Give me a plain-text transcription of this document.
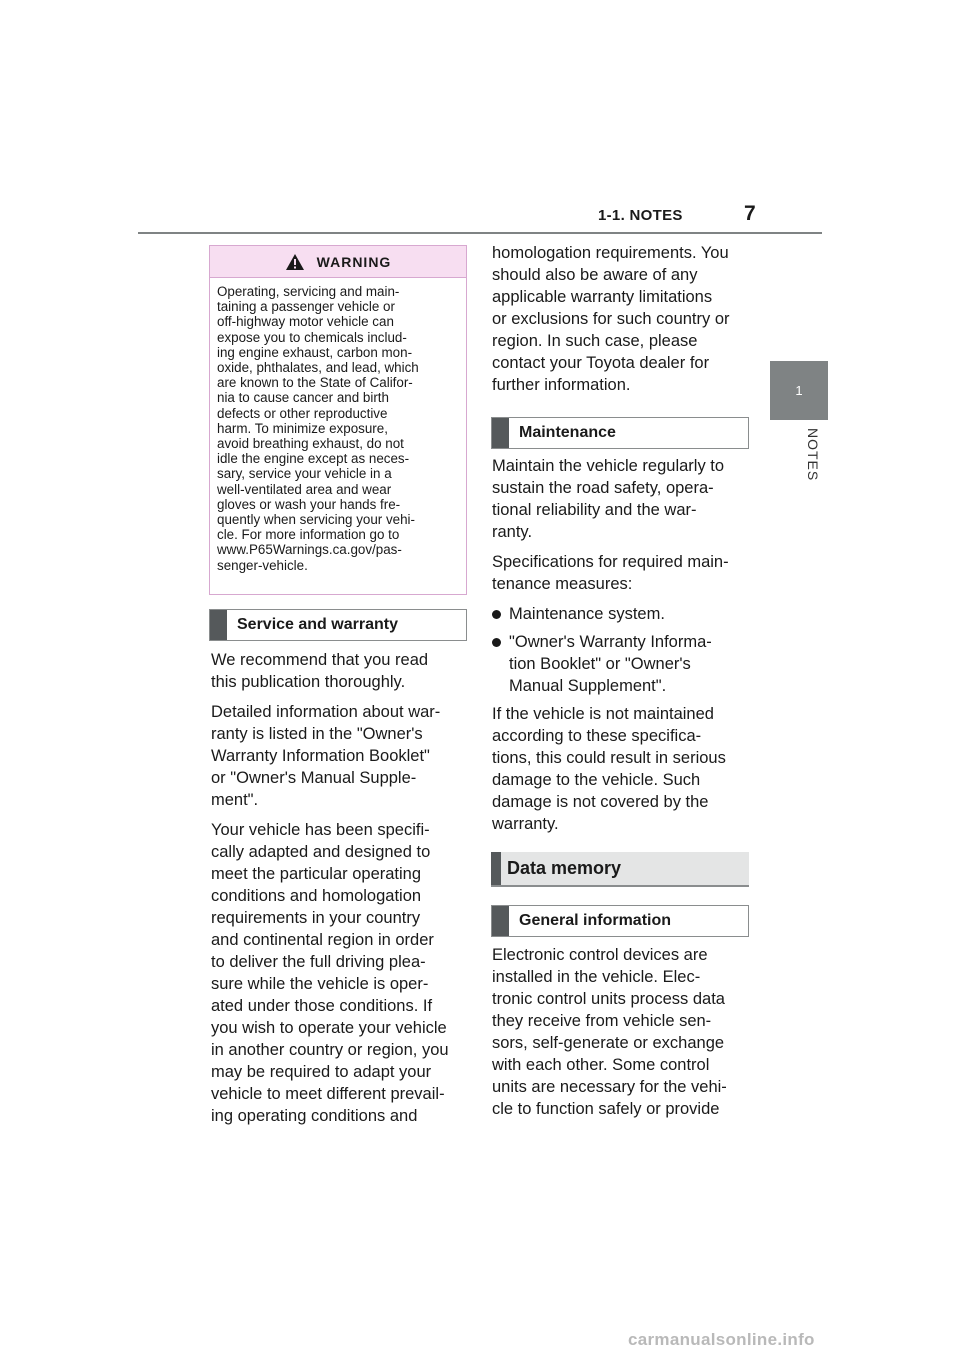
1-1. NOTES	7
1
NOTES
WARNING
Operating, servicing and main-
taining a passenger vehicle or
off-highway motor vehicle can
expose you to chemicals includ-
ing engine exhaust, carbon mon-
oxide, phthalates, and lead, which
are known to the State of Califor-
nia to cause cancer and birth
defects or other reproductive
harm. To minimize exposure,
avoid breathing exhaust, do not
idle the engine except as neces-
sary, service your vehicle in a
well-ventilated area and wear
gloves or wash your hands fre-
quently when servicing your vehi-
cle. For more information go to
www.P65Warnings.ca.gov/pas-
senger-vehicle.
Service and warranty
We recommend that you read
this publication thoroughly.
Detailed information about war-
ranty is listed in the "Owner's
Warranty Information Booklet"
or "Owner's Manual Supple-
ment".
Your vehicle has been specifi-
cally adapted and designed to
meet the particular operating
conditions and homologation
requirements in your country
and continental region in order
to deliver the full driving plea-
sure while the vehicle is oper-
ated under those conditions. If
you wish to operate your vehicle
in another country or region, you
may be required to adapt your
vehicle to meet different prevail-
ing operating conditions and
homologation requirements. You
should also be aware of any
applicable warranty limitations
or exclusions for such country or
region. In such case, please
contact your Toyota dealer for
further information.
Maintenance
Maintain the vehicle regularly to
sustain the road safety, opera-
tional reliability and the war-
ranty.
Specifications for required main-
tenance measures:
Maintenance system.
"Owner's Warranty Informa-
tion Booklet" or "Owner's
Manual Supplement".
If the vehicle is not maintained
according to these specifica-
tions, this could result in serious
damage to the vehicle. Such
damage is not covered by the
warranty.
Data memory
General information
Electronic control devices are
installed in the vehicle. Elec-
tronic control units process data
they receive from vehicle sen-
sors, self-generate or exchange
with each other. Some control
units are necessary for the vehi-
cle to function safely or provide
carmanualsonline.info
